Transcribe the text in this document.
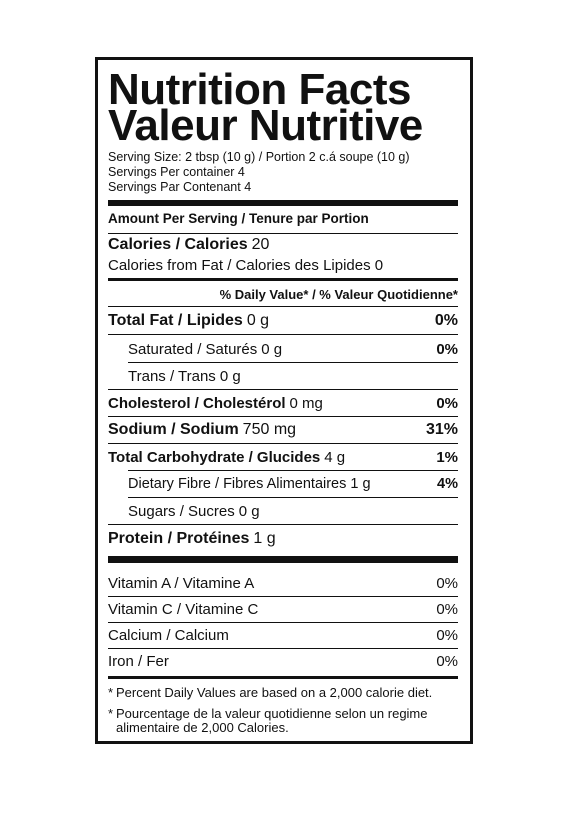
Nutrition Facts
Valeur Nutritive
Serving Size: 2 tbsp (10 g) / Portion 2 c.á soupe (10 g)
Servings Per container 4
Servings Par Contenant 4
Amount Per Serving / Tenure par Portion
Calories / Calories 20
Calories from Fat / Calories des Lipides 0
% Daily Value* / % Valeur Quotidienne*
Total Fat / Lipides 0 g	0%
Saturated / Saturés 0 g	0%
Trans / Trans 0 g
Cholesterol / Cholestérol 0 mg	0%
Sodium / Sodium 750 mg	31%
Total Carbohydrate / Glucides 4 g	1%
Dietary Fibre / Fibres Alimentaires 1 g	4%
Sugars / Sucres 0 g
Protein / Protéines 1 g
Vitamin A / Vitamine A	0%
Vitamin C / Vitamine C	0%
Calcium / Calcium	0%
Iron / Fer	0%
* Percent Daily Values are based on a 2,000 calorie diet.
* Pourcentage de la valeur quotidienne selon un regime alimentaire de 2,000 Calories.
